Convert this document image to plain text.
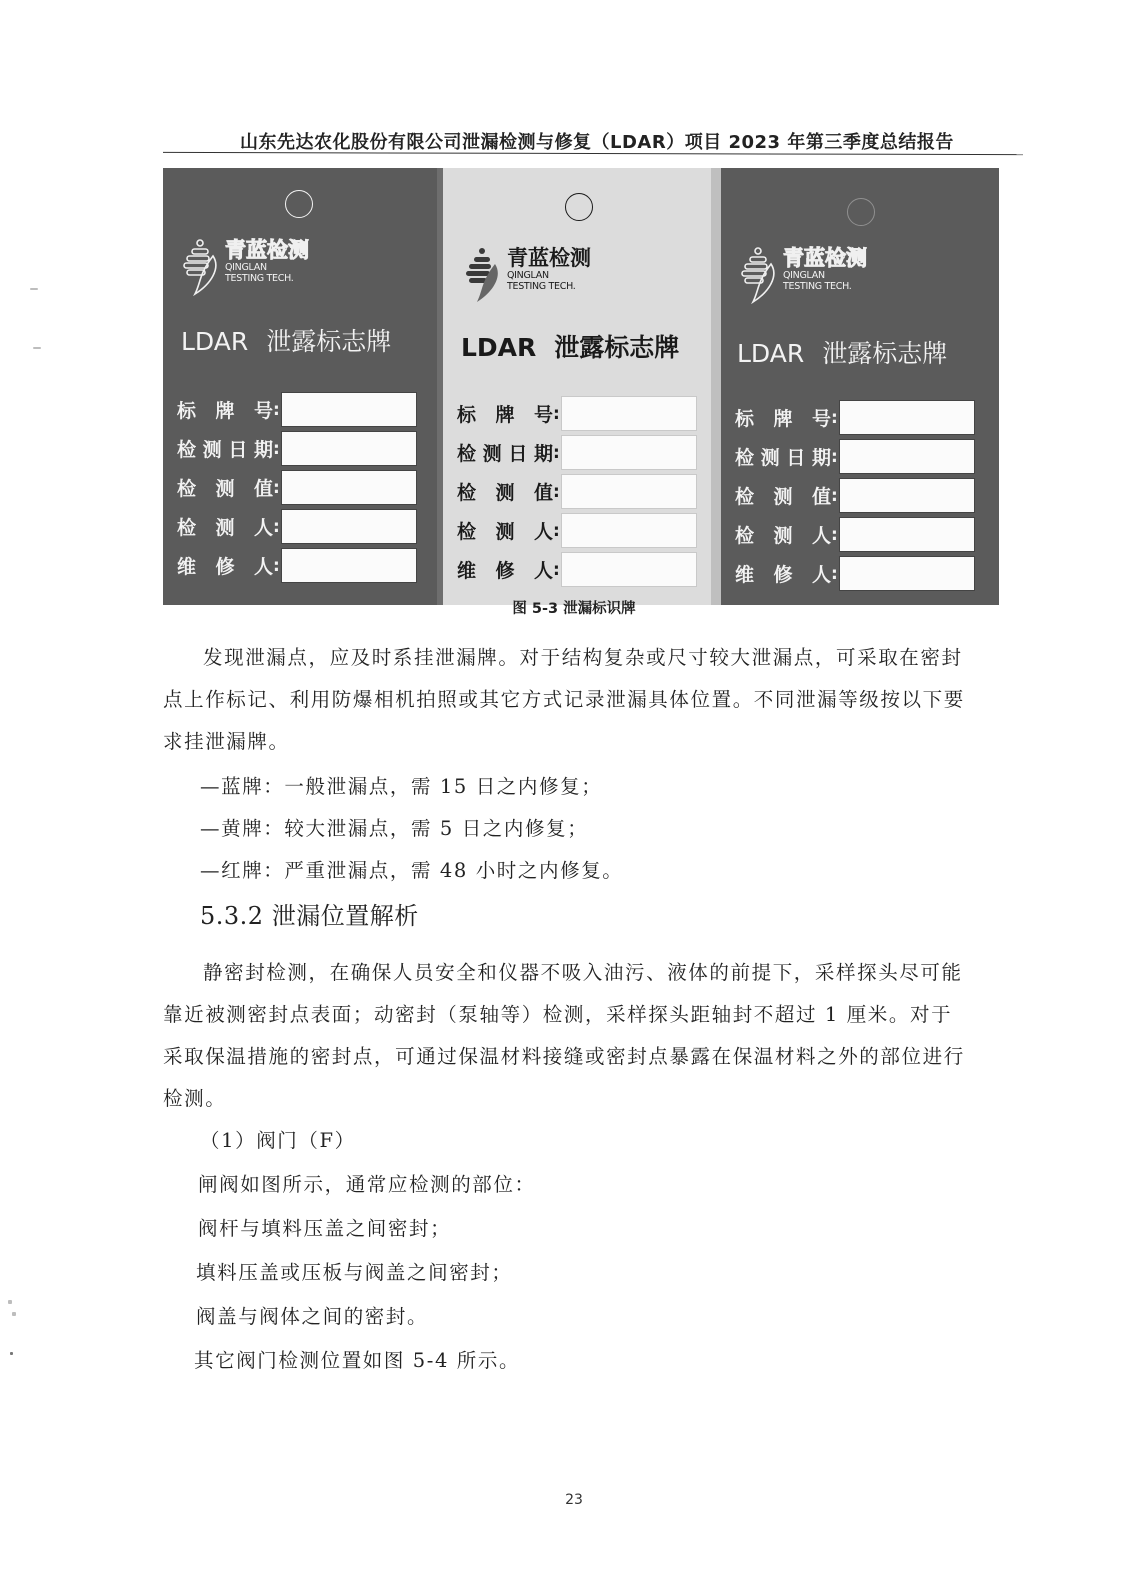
山东先达农化股份有限公司泄漏检测与修复（LDAR）项目 2023 年第三季度总结报告
青蓝检测
QINGLAN
TESTING TECH.
LDAR 泄露标志牌
标 牌 号 :
检测日期 :
检 测 值 :
检 测 人 :
维 修 人 :
青蓝检测
QINGLAN
TESTING TECH.
LDAR 泄露标志牌
标 牌 号 :
检测日期 :
检 测 值 :
检 测 人 :
维 修 人 :
青蓝检测
QINGLAN
TESTING TECH.
LDAR 泄露标志牌
标 牌 号 :
检测日期 :
检 测 值 :
检 测 人 :
维 修 人 :
图 5-3 泄漏标识牌
发现泄漏点，应及时系挂泄漏牌。对于结构复杂或尺寸较大泄漏点，可采取在密封点上作标记、利用防爆相机拍照或其它方式记录泄漏具体位置。不同泄漏等级按以下要求挂泄漏牌。
—蓝牌：一般泄漏点，需 15 日之内修复；
—黄牌：较大泄漏点，需 5 日之内修复；
—红牌：严重泄漏点，需 48 小时之内修复。
5.3.2 泄漏位置解析
静密封检测，在确保人员安全和仪器不吸入油污、液体的前提下，采样探头尽可能靠近被测密封点表面；动密封（泵轴等）检测，采样探头距轴封不超过 1 厘米。对于采取保温措施的密封点，可通过保温材料接缝或密封点暴露在保温材料之外的部位进行检测。
（1）阀门（F）
闸阀如图所示，通常应检测的部位：
阀杆与填料压盖之间密封；
填料压盖或压板与阀盖之间密封；
阀盖与阀体之间的密封。
其它阀门检测位置如图 5-4 所示。
23
